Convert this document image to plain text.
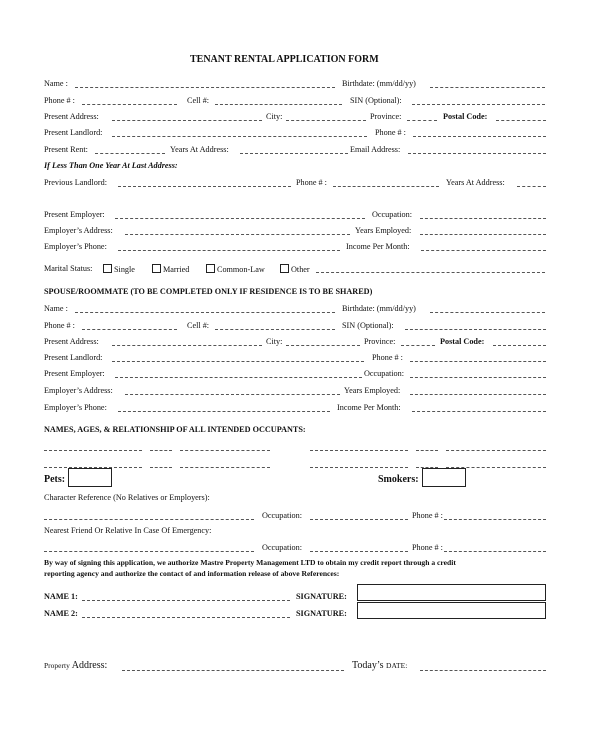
TENANT RENTAL APPLICATION FORM
Name :	Birthdate: (mm/dd/yy)
Phone # :	Cell #:	SIN (Optional):
Present Address:	City:	Province:	Postal Code:
Present Landlord:	Phone # :
Present Rent:	Years At Address:	Email Address:
If Less Than One Year At Last Address:
Previous Landlord:	Phone # :	Years At Address:
Present Employer:	Occupation:
Employer’s Address:	Years Employed:
Employer’s Phone:	Income Per Month:
Marital Status:	Single	Married	Common-Law	Other
SPOUSE/ROOMMATE (TO BE COMPLETED ONLY IF RESIDENCE IS TO BE SHARED)
Name :	Birthdate: (mm/dd/yy)
Phone # :	Cell #:	SIN (Optional):
Present Address:	City:	Province:	Postal Code:
Present Landlord:	Phone # :
Present Employer:	Occupation:
Employer’s Address:	Years Employed:
Employer’s Phone:	Income Per Month:
NAMES, AGES, & RELATIONSHIP OF ALL INTENDED OCCUPANTS:
Pets:	Smokers:
Character Reference (No Relatives or Employers):
Occupation:	Phone # :
Nearest Friend Or Relative In Case Of Emergency:
Occupation:	Phone # :
By way of signing this application, we authorize Mastre Property Management LTD to obtain my credit report through a credit
reporting agency and authorize the contact of and information release of above References:
NAME 1:	SIGNATURE:
NAME 2:	SIGNATURE:
Property Address:	Today’s DATE:
